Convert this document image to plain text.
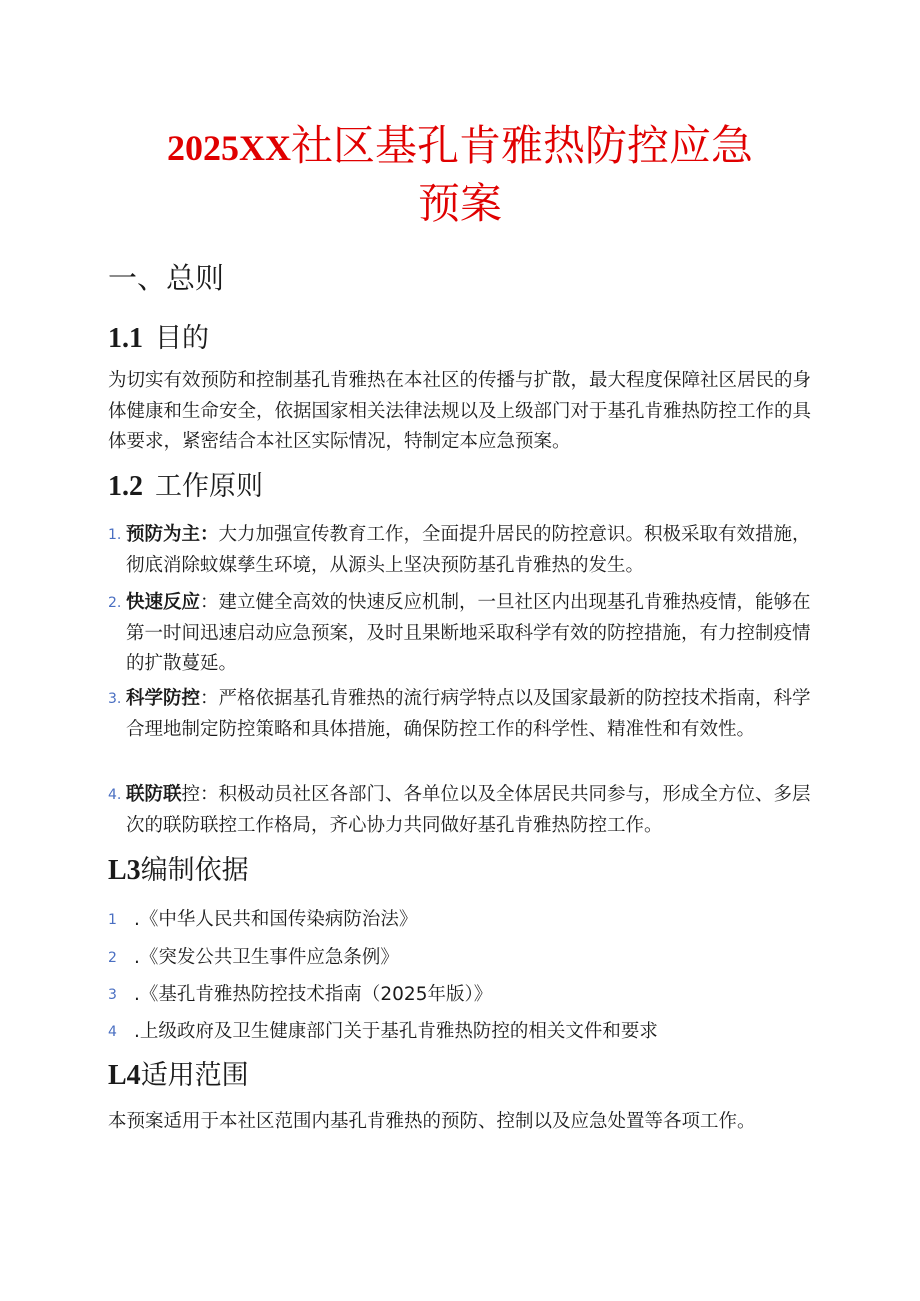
2025XX社区基孔肯雅热防控应急
预案
一、总则
1.1 目的
为切实有效预防和控制基孔肯雅热在本社区的传播与扩散，最大程度保障社区居民的身体健康和生命安全，依据国家相关法律法规以及上级部门对于基孔肯雅热防控工作的具体要求，紧密结合本社区实际情况，特制定本应急预案。
1.2 工作原则
1. 预防为主：大力加强宣传教育工作，全面提升居民的防控意识。积极采取有效措施，彻底消除蚊媒孳生环境，从源头上坚决预防基孔肯雅热的发生。
2. 快速反应：建立健全高效的快速反应机制，一旦社区内出现基孔肯雅热疫情，能够在第一时间迅速启动应急预案，及时且果断地采取科学有效的防控措施，有力控制疫情的扩散蔓延。
3. 科学防控：严格依据基孔肯雅热的流行病学特点以及国家最新的防控技术指南，科学合理地制定防控策略和具体措施，确保防控工作的科学性、精准性和有效性。
4. 联防联控：积极动员社区各部门、各单位以及全体居民共同参与，形成全方位、多层次的联防联控工作格局，齐心协力共同做好基孔肯雅热防控工作。
L3编制依据
1 .《中华人民共和国传染病防治法》
2 .《突发公共卫生事件应急条例》
3 .《基孔肯雅热防控技术指南（2025年版）》
4 .上级政府及卫生健康部门关于基孔肯雅热防控的相关文件和要求
L4适用范围
本预案适用于本社区范围内基孔肯雅热的预防、控制以及应急处置等各项工作。
